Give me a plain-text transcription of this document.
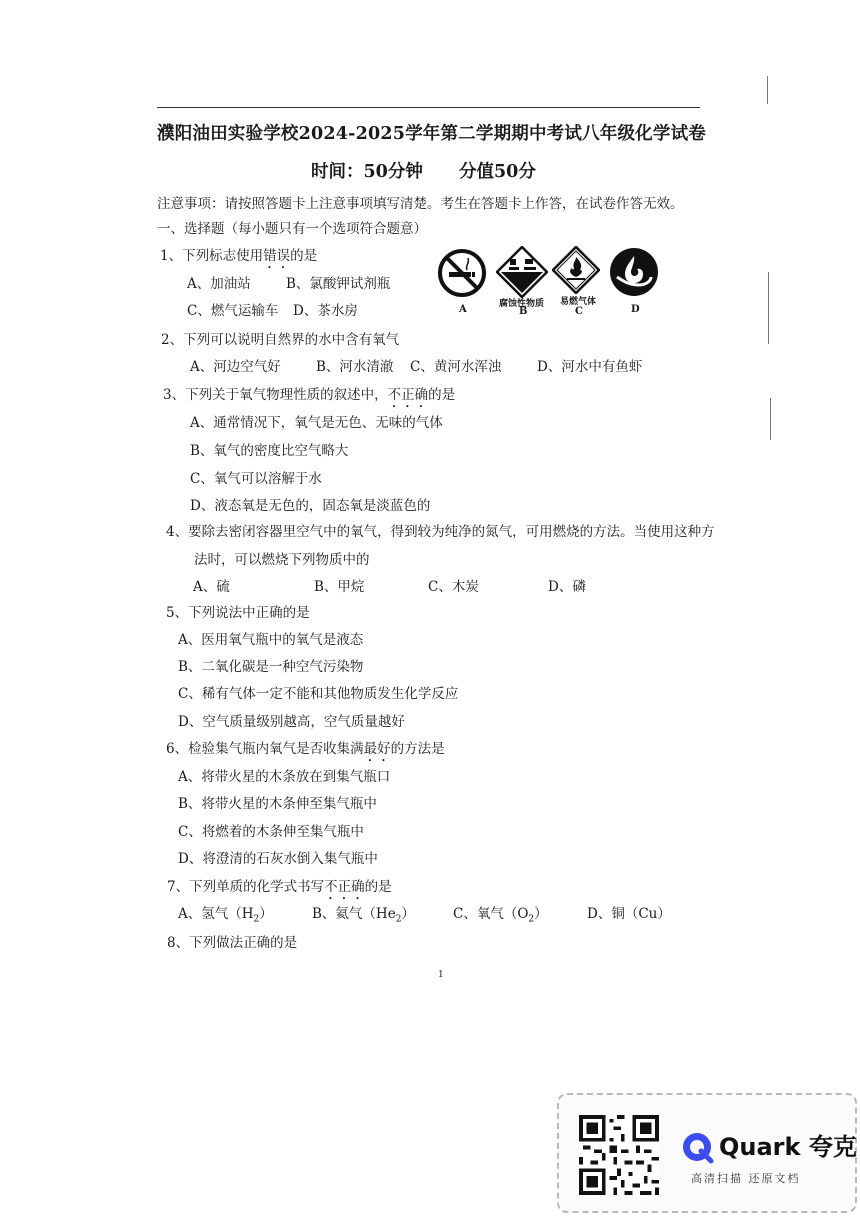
濮阳油田实验学校2024-2025学年第二学期期中考试八年级化学试卷
时间：50分钟 分值50分
注意事项：请按照答题卡上注意事项填写清楚。考生在答题卡上作答，在试卷作答无效。
一、选择题（每小题只有一个选项符合题意）
1、下列标志使用错误的是
A、加油站	B、氯酸钾试剂瓶
C、燃气运输车 D、茶水房	A	腐蚀性物质
B
易燃气体
C	D
2、下列可以说明自然界的水中含有氧气
A、河边空气好	B、河水清澈 C、黄河水浑浊	D、河水中有鱼虾
3、下列关于氧气物理性质的叙述中，不正确的是
A、通常情况下，氧气是无色、无味的气体
B、氧气的密度比空气略大
C、氧气可以溶解于水
D、液态氧是无色的，固态氧是淡蓝色的
4、要除去密闭容器里空气中的氧气，得到较为纯净的氮气，可用燃烧的方法。当使用这种方
法时，可以燃烧下列物质中的
A、硫	B、甲烷	C、木炭	D、磷
5、下列说法中正确的是
A、医用氧气瓶中的氧气是液态
B、二氧化碳是一种空气污染物
C、稀有气体一定不能和其他物质发生化学反应
D、空气质量级别越高，空气质量越好
6、检验集气瓶内氧气是否收集满最好的方法是
A、将带火星的木条放在到集气瓶口
B、将带火星的木条伸至集气瓶中
C、将燃着的木条伸至集气瓶中
D、将澄清的石灰水倒入集气瓶中
7、下列单质的化学式书写不正确的是
A、氢气$(H_2)$	B、氦气$(He_2)$	C、氧气$(O_2)$	D、铜（Cu）
8、下列做法正确的是
1
Quark 夸克
高清扫描 还原文档
